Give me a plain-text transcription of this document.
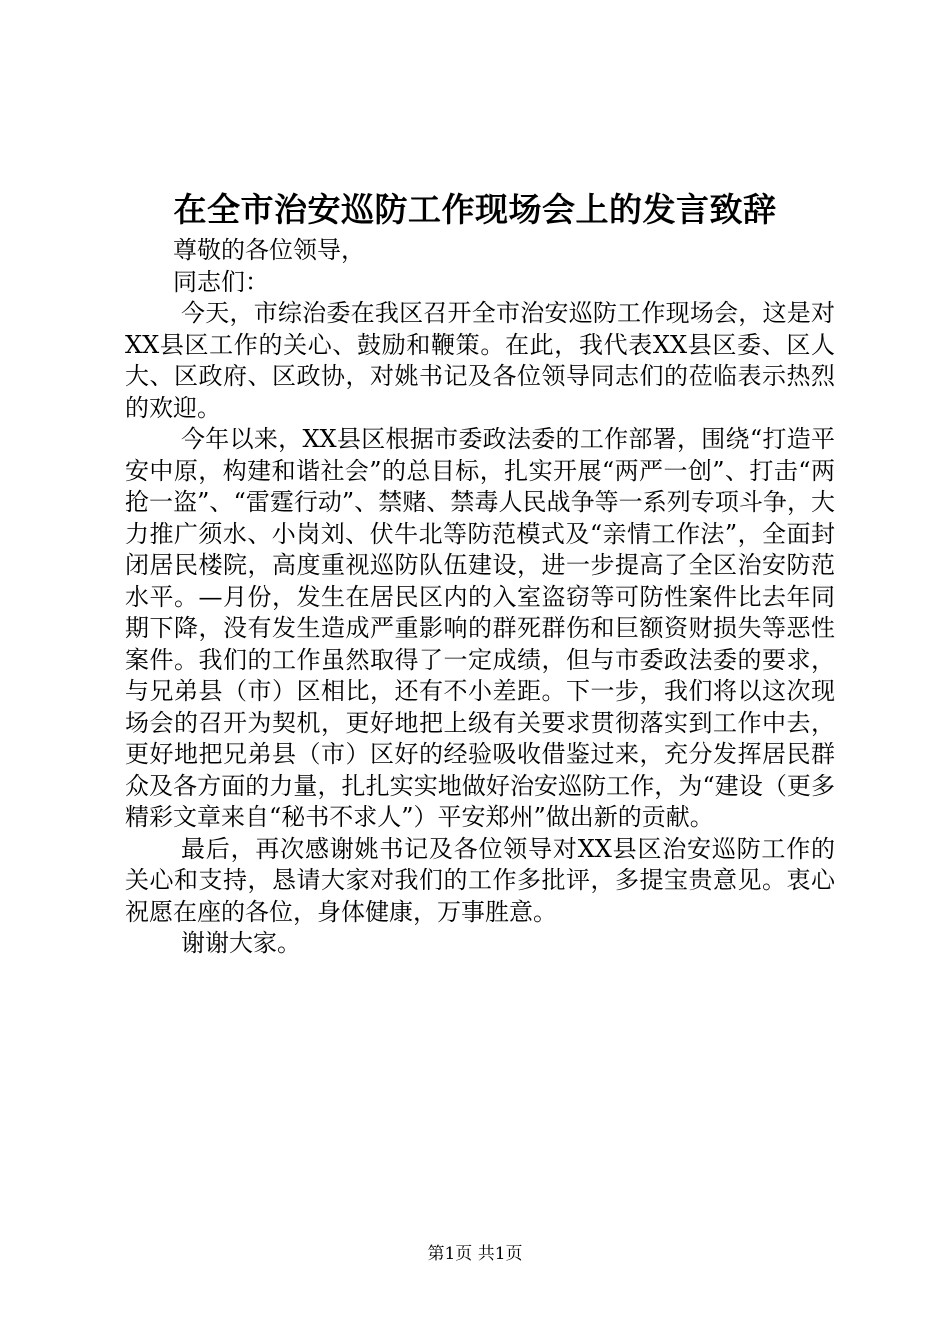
在全市治安巡防工作现场会上的发言致辞

尊敬的各位领导，

同志们：

今天，市综治委在我区召开全市治安巡防工作现场会，这是对XX县区工作的关心、鼓励和鞭策。在此，我代表XX县区委、区人大、区政府、区政协，对姚书记及各位领导同志们的莅临表示热烈的欢迎。

今年以来，XX县区根据市委政法委的工作部署，围绕“打造平安中原，构建和谐社会”的总目标，扎实开展“两严一创”、打击“两抢一盗”、“雷霆行动”、禁赌、禁毒人民战争等一系列专项斗争，大力推广须水、小岗刘、伏牛北等防范模式及“亲情工作法”，全面封闭居民楼院，高度重视巡防队伍建设，进一步提高了全区治安防范水平。—月份，发生在居民区内的入室盗窃等可防性案件比去年同期下降，没有发生造成严重影响的群死群伤和巨额资财损失等恶性案件。我们的工作虽然取得了一定成绩，但与市委政法委的要求，与兄弟县（市）区相比，还有不小差距。下一步，我们将以这次现场会的召开为契机，更好地把上级有关要求贯彻落实到工作中去，更好地把兄弟县（市）区好的经验吸收借鉴过来，充分发挥居民群众及各方面的力量，扎扎实实地做好治安巡防工作，为“建设（更多精彩文章来自“秘书不求人”）平安郑州”做出新的贡献。

最后，再次感谢姚书记及各位领导对XX县区治安巡防工作的关心和支持，恳请大家对我们的工作多批评，多提宝贵意见。衷心祝愿在座的各位，身体健康，万事胜意。

谢谢大家。

第1页 共1页
